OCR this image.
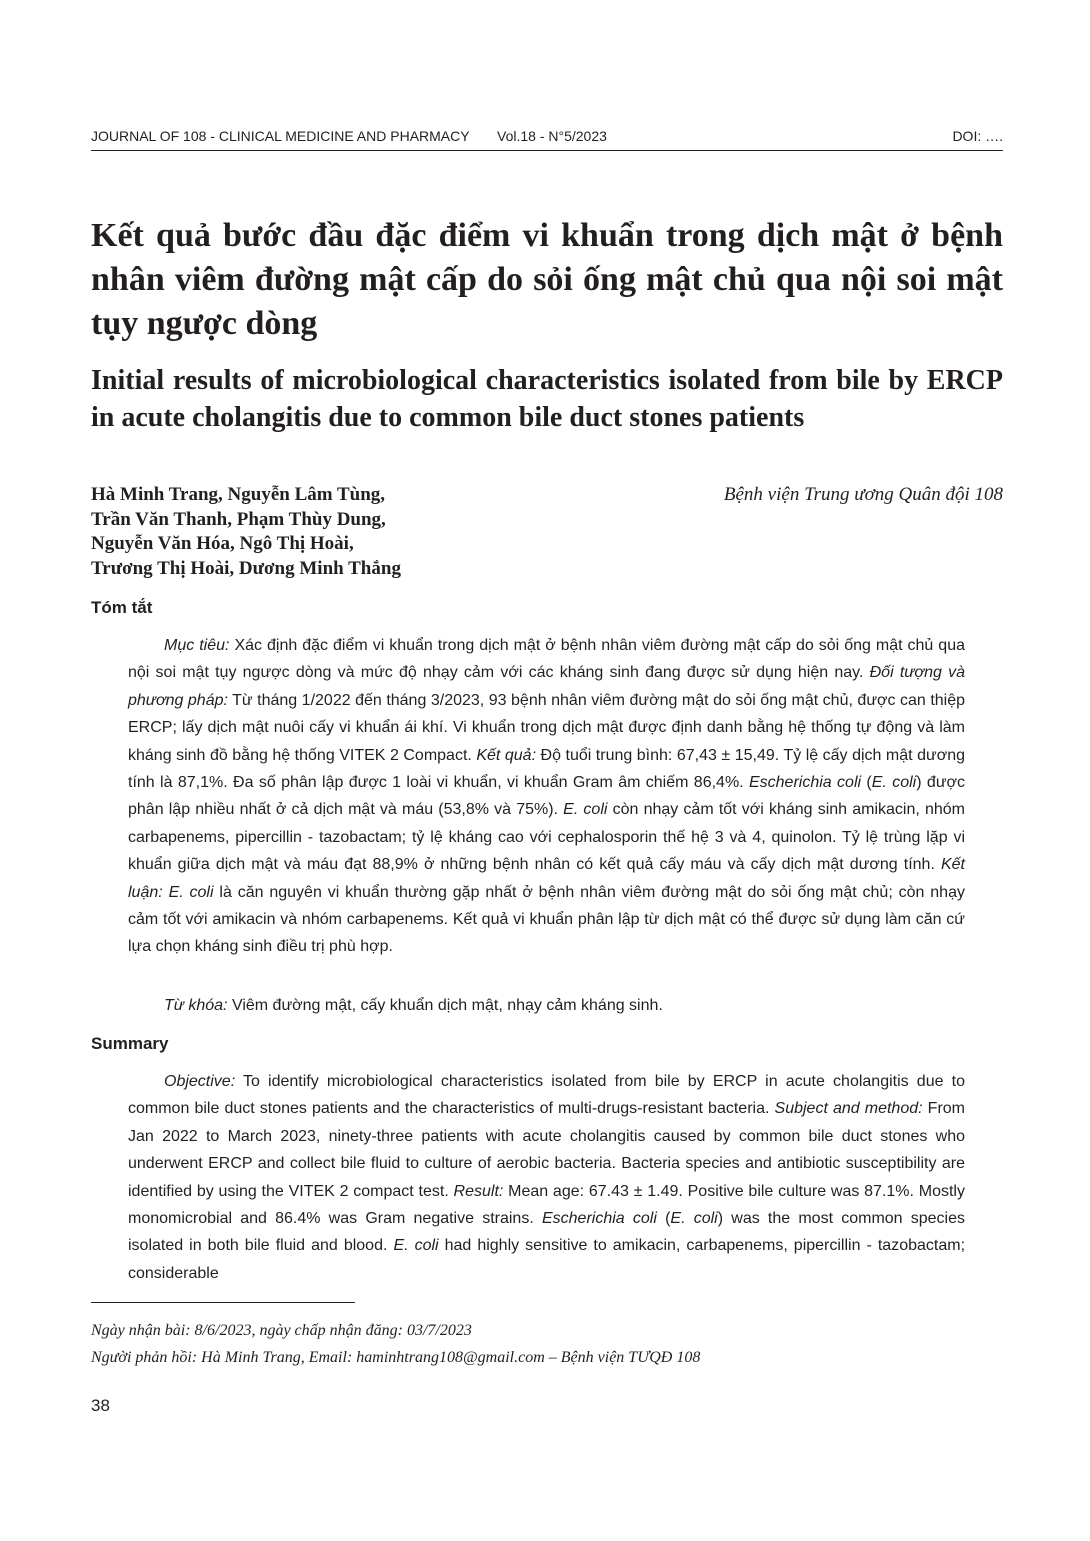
JOURNAL OF 108 - CLINICAL MEDICINE AND PHARMACY Vol.18 - N°5/2023	DOI: ….
Kết quả bước đầu đặc điểm vi khuẩn trong dịch mật ở bệnh nhân viêm đường mật cấp do sỏi ống mật chủ qua nội soi mật tụy ngược dòng
Initial results of microbiological characteristics isolated from bile by ERCP in acute cholangitis due to common bile duct stones patients
Hà Minh Trang, Nguyễn Lâm Tùng,
Trần Văn Thanh, Phạm Thùy Dung,
Nguyễn Văn Hóa, Ngô Thị Hoài,
Trương Thị Hoài, Dương Minh Thắng
Bệnh viện Trung ương Quân đội 108
Tóm tắt
Mục tiêu: Xác định đặc điểm vi khuẩn trong dịch mật ở bệnh nhân viêm đường mật cấp do sỏi ống mật chủ qua nội soi mật tụy ngược dòng và mức độ nhạy cảm với các kháng sinh đang được sử dụng hiện nay. Đối tượng và phương pháp: Từ tháng 1/2022 đến tháng 3/2023, 93 bệnh nhân viêm đường mật do sỏi ống mật chủ, được can thiệp ERCP; lấy dịch mật nuôi cấy vi khuẩn ái khí. Vi khuẩn trong dịch mật được định danh bằng hệ thống tự động và làm kháng sinh đồ bằng hệ thống VITEK 2 Compact. Kết quả: Độ tuổi trung bình: 67,43 ± 15,49. Tỷ lệ cấy dịch mật dương tính là 87,1%. Đa số phân lập được 1 loài vi khuẩn, vi khuẩn Gram âm chiếm 86,4%. Escherichia coli (E. coli) được phân lập nhiều nhất ở cả dịch mật và máu (53,8% và 75%). E. coli còn nhạy cảm tốt với kháng sinh amikacin, nhóm carbapenems, pipercillin - tazobactam; tỷ lệ kháng cao với cephalosporin thế hệ 3 và 4, quinolon. Tỷ lệ trùng lặp vi khuẩn giữa dịch mật và máu đạt 88,9% ở những bệnh nhân có kết quả cấy máu và cấy dịch mật dương tính. Kết luận: E. coli là căn nguyên vi khuẩn thường gặp nhất ở bệnh nhân viêm đường mật do sỏi ống mật chủ; còn nhạy cảm tốt với amikacin và nhóm carbapenems. Kết quả vi khuẩn phân lập từ dịch mật có thể được sử dụng làm căn cứ lựa chọn kháng sinh điều trị phù hợp.
Từ khóa: Viêm đường mật, cấy khuẩn dịch mật, nhạy cảm kháng sinh.
Summary
Objective: To identify microbiological characteristics isolated from bile by ERCP in acute cholangitis due to common bile duct stones patients and the characteristics of multi-drugs-resistant bacteria. Subject and method: From Jan 2022 to March 2023, ninety-three patients with acute cholangitis caused by common bile duct stones who underwent ERCP and collect bile fluid to culture of aerobic bacteria. Bacteria species and antibiotic susceptibility are identified by using the VITEK 2 compact test. Result: Mean age: 67.43 ± 1.49. Positive bile culture was 87.1%. Mostly monomicrobial and 86.4% was Gram negative strains. Escherichia coli (E. coli) was the most common species isolated in both bile fluid and blood. E. coli had highly sensitive to amikacin, carbapenems, pipercillin - tazobactam; considerable
Ngày nhận bài: 8/6/2023, ngày chấp nhận đăng: 03/7/2023
Người phản hồi: Hà Minh Trang, Email: haminhtrang108@gmail.com – Bệnh viện TƯQĐ 108
38
